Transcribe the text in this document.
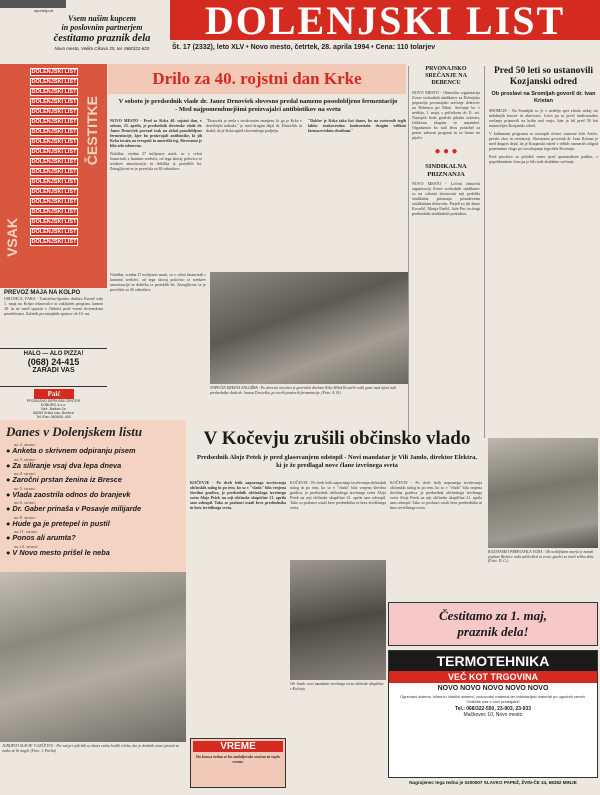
sport•šport
Vsem našim kupcem
in poslovnim partnerjem
čestitamo praznik dela
Novo mesto, Velika Cikava 25, tel. 068/322-825
DOLENJSKI LIST
Št. 17 (2332), leto XLV • Novo mesto, četrtek, 28. aprila 1994 • Cena: 110 tolarjev
DOLENJSKI LIST
DOLENJSKI LIST
DOLENJSKI LIST
DOLENJSKI LIST
DOLENJSKI LIST
DOLENJSKI LIST
DOLENJSKI LIST
DOLENJSKI LIST
DOLENJSKI LIST
DOLENJSKI LIST
DOLENJSKI LIST
DOLENJSKI LIST
DOLENJSKI LIST
DOLENJSKI LIST
DOLENJSKI LIST
DOLENJSKI LIST
DOLENJSKI LIST
DOLENJSKI LIST
ČESTITKE
VSAK
PREVOZ MAJA NA KOLPO
OSILNICA, FARA - Turistično-športno društvo Kostel vabi 1. maja na Kolpo teknovalce in zaključen program, kamen 28. in ne smeš spustiti v Osilnici pred vsemi slovenskimi prireditvami. Začetek prvomajskih spustov ob 10. uri.
HALO — ALO PIZZA!
(068) 24-415
ZARADI VAS
Paić
PRODAJNO SERVISNI CENTER
KOBURG d.o.o.
Bež. Balkan 2a
68260 Krška vas, Brežice
Tel./Fax: 0608/61-450
Drilo za 40. rojstni dan Krke
V soboto je predsednik vlade dr. Janez Drnovšek slovesno predal namenu posodobljeno fermentacijo - Med najpomembnejšimi proizvajalci antibiotikov na svetu
NOVO MESTO - Pred so Krka 40. rojstni dan, v soboto, 23. aprila, je predsednik slovenske vlade dr. Janez Drnovšek povezal trak na sklad posodobljene fermentacije, kjer bo proizvajali antibiotike, ki jih Krka izvaža na evropski in ameriški trg. Slovesnost je bila zelo odmevna.
Naložba, vredna 27 milijonov mark, so v celoti financirali s lastnimi sredstvi, od tega skoraj polovico iz sredstev amortizacije in dobička iz preteklih let. Zmogljivost se je povečala za 40 odstotkov.
"Dozorela je zrela s strokovnim znanjem, ki ga je Krka v desetletjih nabrala," je med drugim dejal dr. Drnovšek in dodal, da je Krka zgled slovenskega podjetja.
"Dokler je Krka taka kot danes, bo na svetovnih trgih lahko enakovredno konkurirala drugim velikim farmacevtskim družbam."
NAPEČIN KRKINA NALOŽBA - Po slovesni otvoritvi je generalni direktor Krke Miloš Kovačič vodil goste med njimi tudi predsednika vlade dr. Janeza Drnovška, po novih prostorih fermentacije. (Foto: A. B.)
Naložba, vredna 27 milijonov mark, so v celoti financirali s lastnimi sredstvi, od tega skoraj polovico iz sredstev amortizacije in dobička iz preteklih let. Zmogljivost se je povečala za 40 odstotkov.
PRVONAJSKO SREČANJE NA DEBENCU
NOVO MESTO - Območna organizacija Zveze svobodnih sindikatov za Dolenjsko pripravlja prvomajsko srečanje delavcev na Debencu pri Mirni. Srečanje bo v nedeljo, 1. maja, s pričetkom ob 11. uri. Nastopili bodo gasilski pihalni orkester, folklorna skupina in ansambel. Organizator bo tudi letos poskrbel za pester zabavni program in za hrano ter pijačo.
● ● ●
SINDIKALNA PRIZNANJA
NOVO MESTO - Ločeni območni organizaciji Zveze svobodnih sindikatov so na sobotni slavnostni seji podelila sindikalna priznanja prizadevnim sindikalnim delavcem. Prejeli so jih Janez Kovačič, Marija Ilinčič, Jože Pirc in drugi predsedniki sindikalnih podružnic.
Pred 50 leti so ustanovili Kozjanski odred
Ob proslavi na Sromljah govoril dr. Ivan Kristan
SROMLJE - Na Sromljah so je v nedeljo spet zbralo nekaj sto nekdanjih borcev in aktivistov. Letos pa so prvič tradicionalno srečanje pripravili na hribu nad vasjo, kjer je bil pred 50 leti ustanovljen Kozjanski odred.
V kulturnem programu so nastopili učenci osnovne šole Artiče, pevski zbor in recitatorji. Slavnostni govornik dr. Ivan Kristan je med drugim dejal, da je Kozjanski odred v težkih razmerah odigral pomembno vlogo pri osvobajanju tega dela Slovenije.
Pred proslavo so položili venec pred spomenikom padlim, v popoldanskem času pa je bilo tudi družabno srečanje.
KOZJANSKO PREPLAVILA VODA - Ob nedeljskem neurju je zaradi poplave Bistrice voda zalila kleti in ceste; gasilci so imeli veliko dela. (Foto: D. G.)
Danes v Dolenjskem listu
na 2. strani:
● Anketa o skrivnem odpiranju pisem
na 3. strani:
● Za siliranje vsaj dva lepa dneva
na 4. strani:
● Zaročni prstan ženina iz Bresce
na 5. strani:
● Vlada zaostrila odnos do branjevk
na 6. strani:
● Dr. Gaber prinaša v Posavje milijarde
na 8. strani:
● Hude ga je pretepel in pustil
na 11. strani:
● Ponos ali arumta?
na 12. strani:
● V Novo mesto prišel le neba
JUBIJEVO SLAVJE V GRČEVJU - Pet vaš pri njih hiši so danes vedno hodili z boke, kar je drobnih stvari pesniti za vsako ne bi mogli. (Foto: J. Pavlin)
V Kočevju zrušili občinsko vlado
Predsednik Alojz Petek je pred glasovanjem odstopil - Novi mandatar je Vili Jamlo, direktor Elektra, ki je že predlagal nove člane izvršnega sveta
KOČEVJE - Po dveh letih napornega izvrševanja občinskih nalog in po tem, ko so v "vlado" bila vrnjena številna gradiva, je predsednik občinskega izvršnega sveta Alojz Petek na seji občinske skupščine 21. aprila sam odstopil. Tako so poslanci ostali brez predsednika in brez izvršilnega sveta.
KOČEVJE - Po dveh letih napornega izvrševanja občinskih nalog in po tem, ko so v "vlado" bila vrnjena številna gradiva, je predsednik občinskega izvršnega sveta Alojz Petek na seji občinske skupščine 21. aprila sam odstopil. Tako so poslanci ostali brez predsednika in brez izvršilnega sveta.
KOČEVJE - Po dveh letih napornega izvrševanja občinskih nalog in po tem, ko so v "vlado" bila vrnjena številna gradiva, je predsednik občinskega izvršnega sveta Alojz Petek na seji občinske skupščine 21. aprila sam odstopil. Tako so poslanci ostali brez predsednika in brez izvršilnega sveta.
Vili Jamlo, novi mandatar izvršnega sveta občinske skupščine v Kočevju
VREME
Do konca tedna se bo nadaljevalo sončno in toplo vreme.
Čestitamo za 1. maj,
praznik dela!
TERMOTEHNIKA
VEČ KOT TRGOVINA
NOVO NOVO NOVO NOVO NOVO
Ogrevalni sistemi, klima in hladilni sistemi, vodovodni material ter inštalacijski material po ugodnih cenah. Obiščite nas v novi prodajalni!
Tel.: 068/322-550, 23-903, 23-933
Mačkovec 10, Novo mesto
Nagrajenec tega tedna je 0200607 SLAVKO PAPEŽ, ŽVIN-ČE 34, 68382 MINJE
